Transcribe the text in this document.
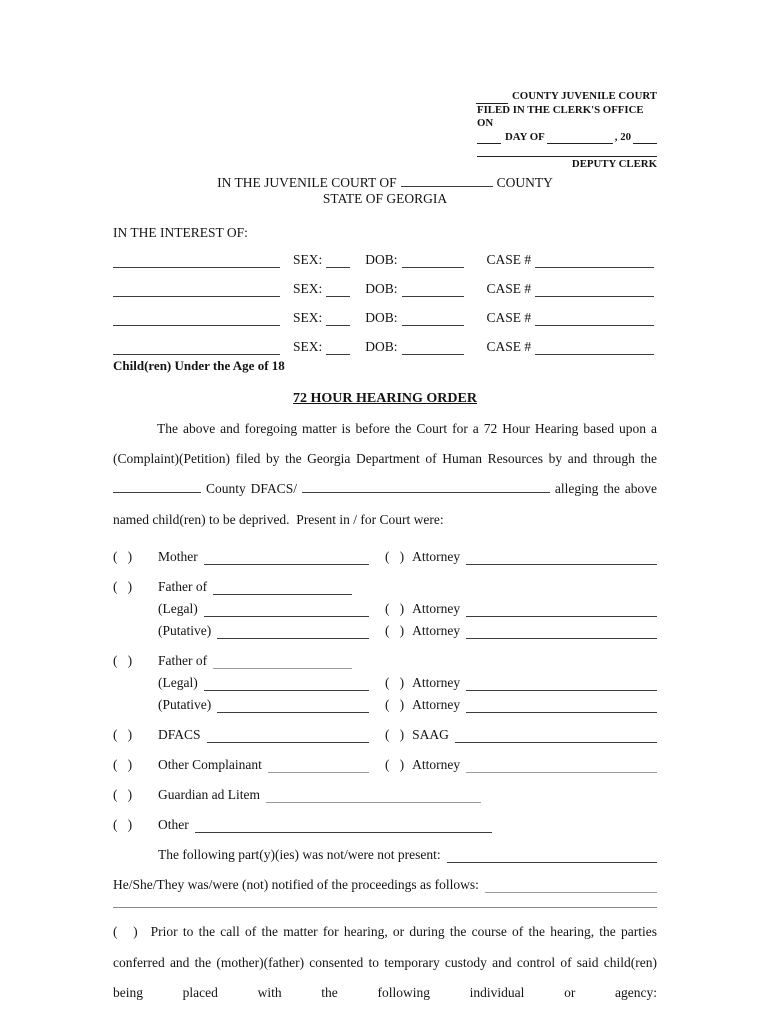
COUNTY JUVENILE COURT
FILED IN THE CLERK'S OFFICE ON
DAY OF	, 20
DEPUTY CLERK
IN THE JUVENILE COURT OF	COUNTY
STATE OF GEORGIA
IN THE INTEREST OF:
SEX:	DOB:	CASE #
SEX:	DOB:	CASE #
SEX:	DOB:	CASE #
SEX:	DOB:	CASE #
Child(ren) Under the Age of 18
72 HOUR HEARING ORDER
The above and foregoing matter is before the Court for a 72 Hour Hearing based upon a (Complaint)(Petition) filed by the Georgia Department of Human Resources by and through the  County DFACS/	alleging the above named child(ren) to be deprived.  Present in / for Court were:
(   )	Mother	(   ) Attorney
(   )	Father of
(Legal)	(   ) Attorney
(Putative)	(   ) Attorney
(   )	Father of
(Legal)	(   ) Attorney
(Putative)	(   ) Attorney
(   )	DFACS	(   ) SAAG
(   )	Other Complainant	(   ) Attorney
(   )	Guardian ad Litem
(   )	Other
The following part(y)(ies) was not/were not present:
He/She/They was/were (not) notified of the proceedings as follows:
(   ) Prior to the call of the matter for hearing, or during the course of the hearing, the parties conferred and the (mother)(father) consented to temporary custody and control of said child(ren) being placed with the following individual or agency:
